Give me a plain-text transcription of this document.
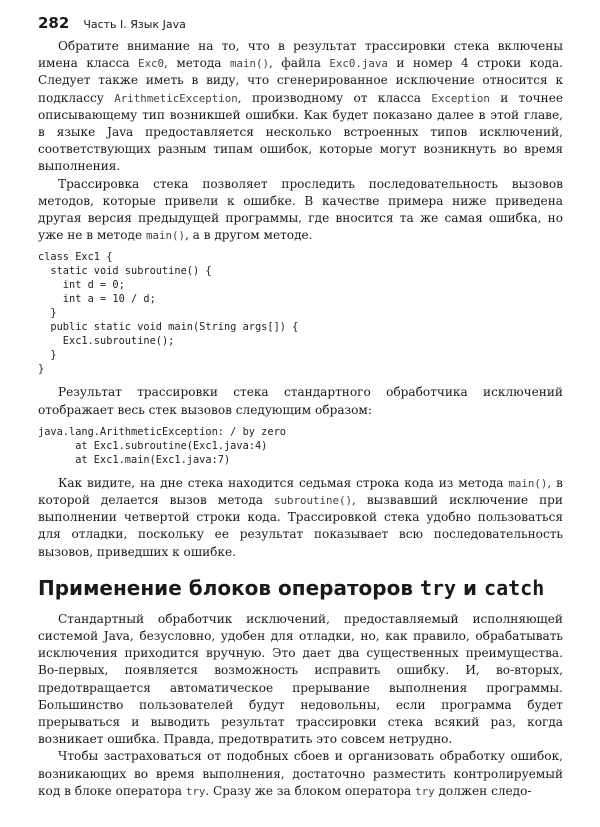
282 Часть I. Язык Java

Обратите внимание на то, что в результат трассировки стека включены имена класса Exc0, метода main(), файла Exc0.java и номер 4 строки кода. Следует также иметь в виду, что сгенерированное исключение относится к подклассу ArithmeticException, производному от класса Exception и точнее описывающему тип возникшей ошибки. Как будет показано далее в этой главе, в языке Java предоставляется несколько встроенных типов исключений, соответствующих разным типам ошибок, которые могут возникнуть во время выполнения.

Трассировка стека позволяет проследить последовательность вызовов методов, которые привели к ошибке. В качестве примера ниже приведена другая версия предыдущей программы, где вносится та же самая ошибка, но уже не в методе main(), а в другом методе.

class Exc1 {
static void subroutine() {
int d = 0;
int a = 10 / d;
}
public static void main(String args[]) {
Exc1.subroutine();
}
}

Результат трассировки стека стандартного обработчика исключений отображает весь стек вызовов следующим образом:

java.lang.ArithmeticException: / by zero
at Exc1.subroutine(Exc1.java:4)
at Exc1.main(Exc1.java:7)

Как видите, на дне стека находится седьмая строка кода из метода main(), в которой делается вызов метода subroutine(), вызвавший исключение при выполнении четвертой строки кода. Трассировкой стека удобно пользоваться для отладки, поскольку ее результат показывает всю последовательность вызовов, приведших к ошибке.

Применение блоков операторов try и catch

Стандартный обработчик исключений, предоставляемый исполняющей системой Java, безусловно, удобен для отладки, но, как правило, обрабатывать исключения приходится вручную. Это дает два существенных преимущества. Во-первых, появляется возможность исправить ошибку. И, во-вторых, предотвращается автоматическое прерывание выполнения программы. Большинство пользователей будут недовольны, если программа будет прерываться и выводить результат трассировки стека всякий раз, когда возникает ошибка. Правда, предотвратить это совсем нетрудно.

Чтобы застраховаться от подобных сбоев и организовать обработку ошибок, возникающих во время выполнения, достаточно разместить контролируемый код в блоке оператора try. Сразу же за блоком оператора try должен следо-
